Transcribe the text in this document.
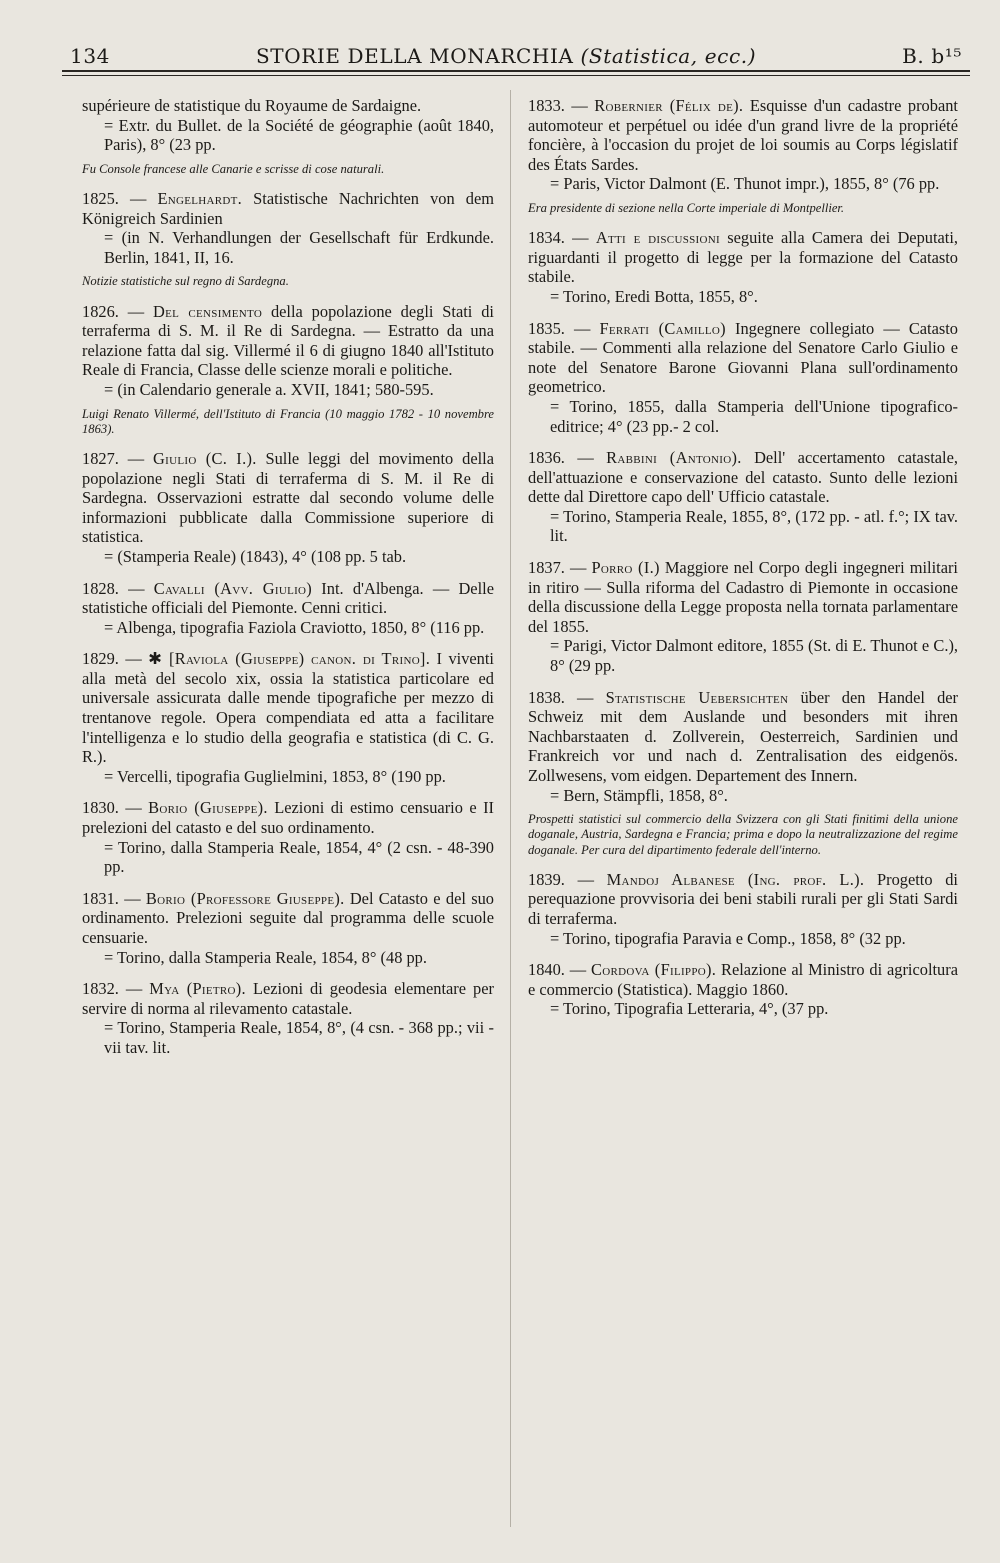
134	STORIE DELLA MONARCHIA (Statistica, ecc.)	B. b¹⁵

supérieure de statistique du Royaume de Sardaigne.

= Extr. du Bullet. de la Société de géographie (août 1840, Paris), 8° (23 pp.

Fu Console francese alle Canarie e scrisse di cose naturali.

1825. — Engelhardt. Statistische Nachrichten von dem Königreich Sardinien

= (in N. Verhandlungen der Gesellschaft für Erdkunde. Berlin, 1841, II, 16.

Notizie statistiche sul regno di Sardegna.

1826. — Del censimento della popolazione degli Stati di terraferma di S. M. il Re di Sardegna. — Estratto da una relazione fatta dal sig. Villermé il 6 di giugno 1840 all'Istituto Reale di Francia, Classe delle scienze morali e politiche.

= (in Calendario generale a. XVII, 1841; 580-595.

Luigi Renato Villermé, dell'Istituto di Francia (10 maggio 1782 - 10 novembre 1863).

1827. — Giulio (C. I.). Sulle leggi del movimento della popolazione negli Stati di terraferma di S. M. il Re di Sardegna. Osservazioni estratte dal secondo volume delle informazioni pubblicate dalla Commissione superiore di statistica.

= (Stamperia Reale) (1843), 4° (108 pp. 5 tab.

1828. — Cavalli (Avv. Giulio) Int. d'Albenga. — Delle statistiche officiali del Piemonte. Cenni critici.

= Albenga, tipografia Faziola Craviotto, 1850, 8° (116 pp.

1829. — ✱ [Raviola (Giuseppe) canon. di Trino]. I viventi alla metà del secolo xix, ossia la statistica particolare ed universale assicurata dalle mende tipografiche per mezzo di trentanove regole. Opera compendiata ed atta a facilitare l'intelligenza e lo studio della geografia e statistica (di C. G. R.).

= Vercelli, tipografia Guglielmini, 1853, 8° (190 pp.

1830. — Borio (Giuseppe). Lezioni di estimo censuario e II prelezioni del catasto e del suo ordinamento.

= Torino, dalla Stamperia Reale, 1854, 4° (2 csn. - 48-390 pp.

1831. — Borio (Professore Giuseppe). Del Catasto e del suo ordinamento. Prelezioni seguite dal programma delle scuole censuarie.

= Torino, dalla Stamperia Reale, 1854, 8° (48 pp.

1832. — Mya (Pietro). Lezioni di geodesia elementare per servire di norma al rilevamento catastale.

= Torino, Stamperia Reale, 1854, 8°, (4 csn. - 368 pp.; vii - vii tav. lit.

1833. — Robernier (Félix de). Esquisse d'un cadastre probant automoteur et perpétuel ou idée d'un grand livre de la propriété foncière, à l'occasion du projet de loi soumis au Corps législatif des États Sardes.

= Paris, Victor Dalmont (E. Thunot impr.), 1855, 8° (76 pp.

Era presidente di sezione nella Corte imperiale di Montpellier.

1834. — Atti e discussioni seguite alla Camera dei Deputati, riguardanti il progetto di legge per la formazione del Catasto stabile.

= Torino, Eredi Botta, 1855, 8°.

1835. — Ferrati (Camillo) Ingegnere collegiato — Catasto stabile. — Commenti alla relazione del Senatore Carlo Giulio e note del Senatore Barone Giovanni Plana sull'ordinamento geometrico.

= Torino, 1855, dalla Stamperia dell'Unione tipografico-editrice; 4° (23 pp.- 2 col.

1836. — Rabbini (Antonio). Dell' accertamento catastale, dell'attuazione e conservazione del catasto. Sunto delle lezioni dette dal Direttore capo dell' Ufficio catastale.

= Torino, Stamperia Reale, 1855, 8°, (172 pp. - atl. f.°; IX tav. lit.

1837. — Porro (I.) Maggiore nel Corpo degli ingegneri militari in ritiro — Sulla riforma del Cadastro di Piemonte in occasione della discussione della Legge proposta nella tornata parlamentare del 1855.

= Parigi, Victor Dalmont editore, 1855 (St. di E. Thunot e C.), 8° (29 pp.

1838. — Statistische Uebersichten über den Handel der Schweiz mit dem Auslande und besonders mit ihren Nachbarstaaten d. Zollverein, Oesterreich, Sardinien und Frankreich vor und nach d. Zentralisation des eidgenös. Zollwesens, vom eidgen. Departement des Innern.

= Bern, Stämpfli, 1858, 8°.

Prospetti statistici sul commercio della Svizzera con gli Stati finitimi della unione doganale, Austria, Sardegna e Francia; prima e dopo la neutralizzazione del regime doganale. Per cura del dipartimento federale dell'interno.

1839. — Mandoj Albanese (Ing. prof. L.). Progetto di perequazione provvisoria dei beni stabili rurali per gli Stati Sardi di terraferma.

= Torino, tipografia Paravia e Comp., 1858, 8° (32 pp.

1840. — Cordova (Filippo). Relazione al Ministro di agricoltura e commercio (Statistica). Maggio 1860.

= Torino, Tipografia Letteraria, 4°, (37 pp.
